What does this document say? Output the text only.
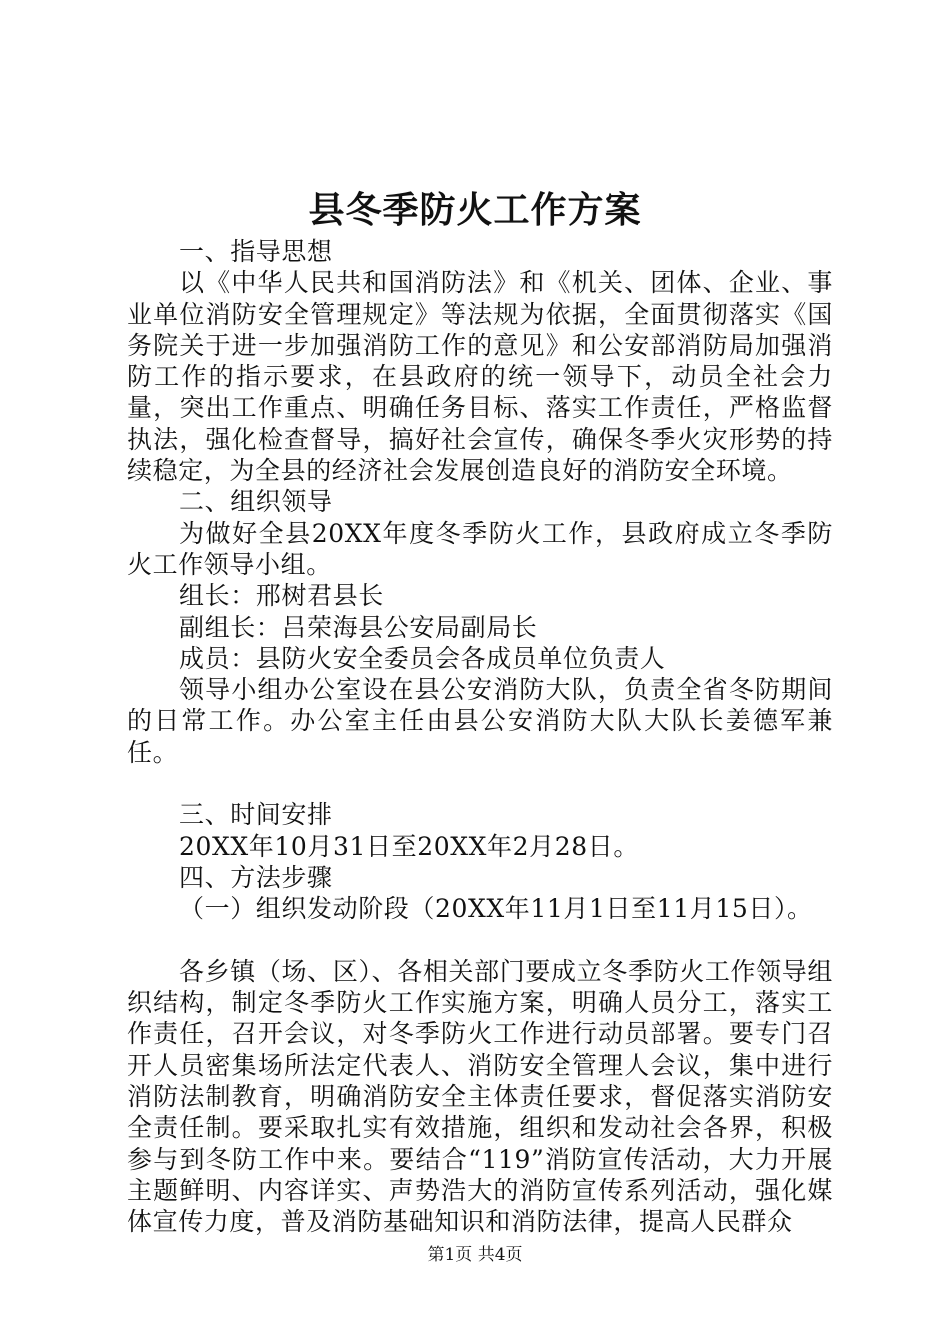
县冬季防火工作方案

一、指导思想

以《中华人民共和国消防法》和《机关、团体、企业、事业单位消防安全管理规定》等法规为依据，全面贯彻落实《国务院关于进一步加强消防工作的意见》和公安部消防局加强消防工作的指示要求，在县政府的统一领导下，动员全社会力量，突出工作重点、明确任务目标、落实工作责任，严格监督执法，强化检查督导，搞好社会宣传，确保冬季火灾形势的持续稳定，为全县的经济社会发展创造良好的消防安全环境。

二、组织领导

为做好全县20XX年度冬季防火工作，县政府成立冬季防火工作领导小组。

组长：邢树君县长

副组长：吕荣海县公安局副局长

成员：县防火安全委员会各成员单位负责人

领导小组办公室设在县公安消防大队，负责全省冬防期间的日常工作。办公室主任由县公安消防大队大队长姜德军兼任。

三、时间安排

20XX年10月31日至20XX年2月28日。

四、方法步骤

（一）组织发动阶段（20XX年11月1日至11月15日）。

各乡镇（场、区）、各相关部门要成立冬季防火工作领导组织结构，制定冬季防火工作实施方案，明确人员分工，落实工作责任，召开会议，对冬季防火工作进行动员部署。要专门召开人员密集场所法定代表人、消防安全管理人会议，集中进行消防法制教育，明确消防安全主体责任要求，督促落实消防安全责任制。要采取扎实有效措施，组织和发动社会各界，积极参与到冬防工作中来。要结合“119”消防宣传活动，大力开展主题鲜明、内容详实、声势浩大的消防宣传系列活动，强化媒体宣传力度，普及消防基础知识和消防法律，提高人民群众

第1页 共4页
